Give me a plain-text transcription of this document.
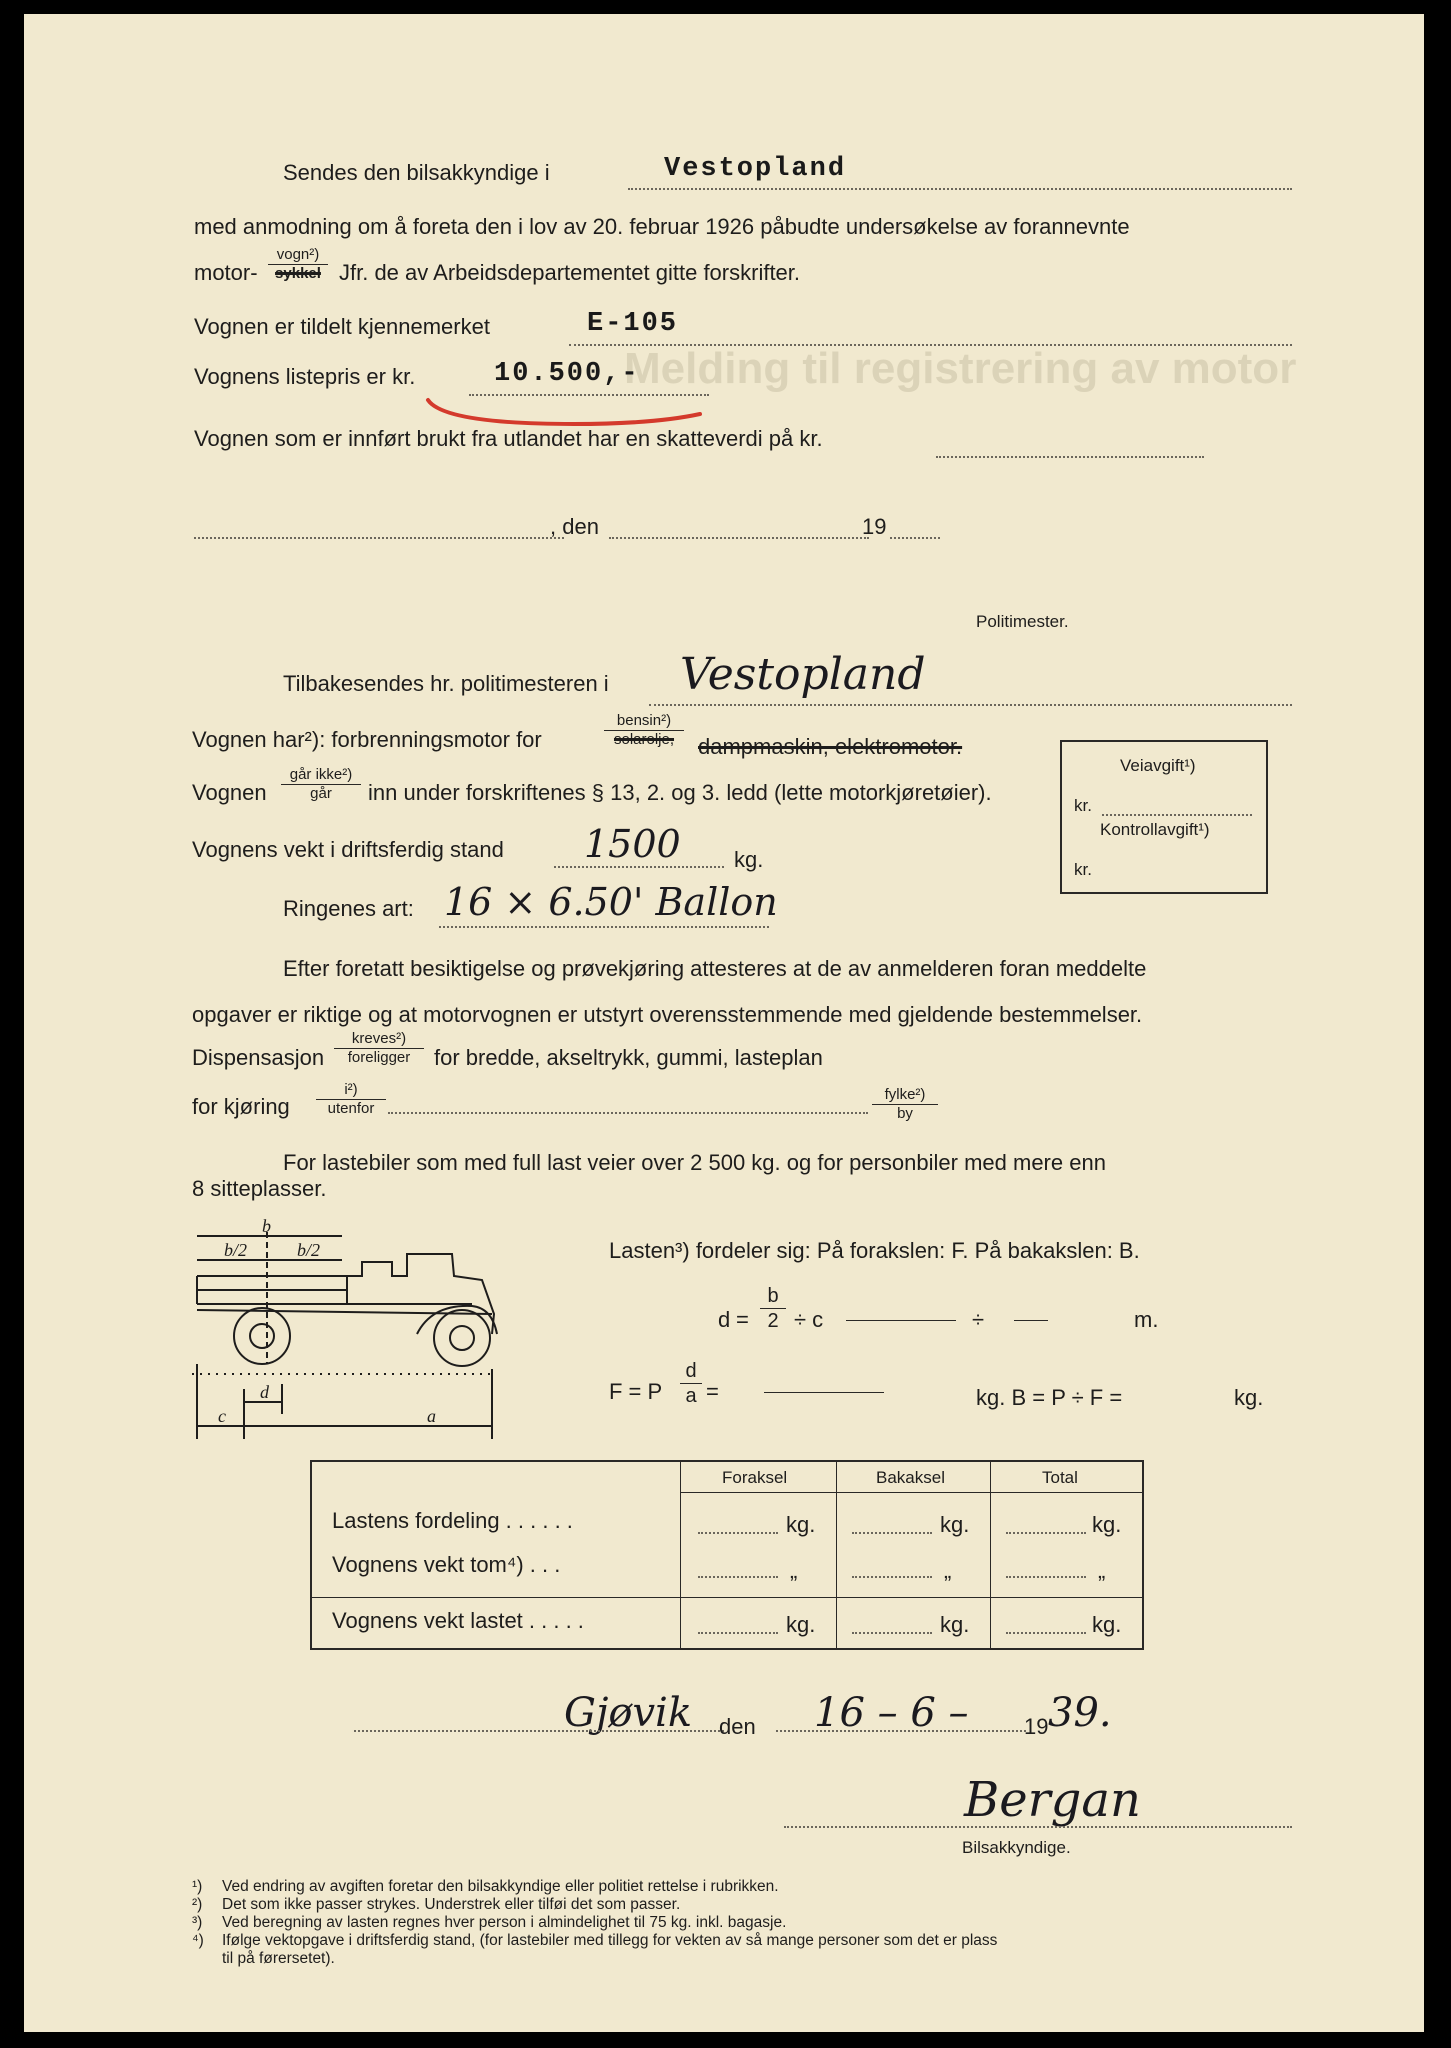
Melding til registrering av motor
Sendes den bilsakkyndige i	Vestopland
med anmodning om å foreta den i lov av 20. februar 1926 påbudte undersøkelse av forannevnte
motor-
vogn²)
sykkel Jfr. de av Arbeidsdepartementet gitte forskrifter.
Vognen er tildelt kjennemerket	E-105
Vognens listepris er kr.	10.500,-
Vognen som er innført brukt fra utlandet har en skatteverdi på kr.
, den	19
Politimester.
Tilbakesendes hr. politimesteren i Vestopland
Vognen har²): forbrenningsmotor for
bensin²)
solarolje,	dampmaskin, elektromotor.
Vognen
går ikke²)
går	inn under forskriftenes § 13, 2. og 3. ledd (lette motorkjøretøier).
Vognens vekt i driftsferdig stand 1500 kg.
Ringenes art: 16 × 6.50' Ballon
Efter foretatt besiktigelse og prøvekjøring attesteres at de av anmelderen foran meddelte
opgaver er riktige og at motorvognen er utstyrt overensstemmende med gjeldende bestemmelser.
Dispensasjon
kreves²)
foreligger	for bredde, akseltrykk, gummi, lasteplan
for kjøring
i²)
utenfor
fylke²)
by
For lastebiler som med full last veier over 2 500 kg. og for personbiler med mere enn
8 sitteplasser.
Veiavgift¹)
kr.
Kontrollavgift¹)
kr.
b
b/2	b/2
c
d
a
Lasten³) fordeler sig: På forakslen: F. På bakakslen: B.
$d = \frac{b}{2} \div c$	÷	m.
F = P $\frac{d}{a}$ =	kg. B = P ÷ F =	kg.
Foraksel	Bakaksel	Total
Lastens fordeling . . . . . .	kg.	kg.	kg.
Vognens vekt tom⁴) . . .	„	„	„
Vognens vekt lastet . . . . .	kg.	kg.	kg.
Gjøvik den 16 – 6 –	19 39.
Bergan
Bilsakkyndige.
¹) Ved endring av avgiften foretar den bilsakkyndige eller politiet rettelse i rubrikken.
²) Det som ikke passer strykes. Understrek eller tilføi det som passer.
³) Ved beregning av lasten regnes hver person i almindelighet til 75 kg. inkl. bagasje.
⁴) Ifølge vektopgave i driftsferdig stand, (for lastebiler med tillegg for vekten av så mange personer som det er plass
til på førersetet).
